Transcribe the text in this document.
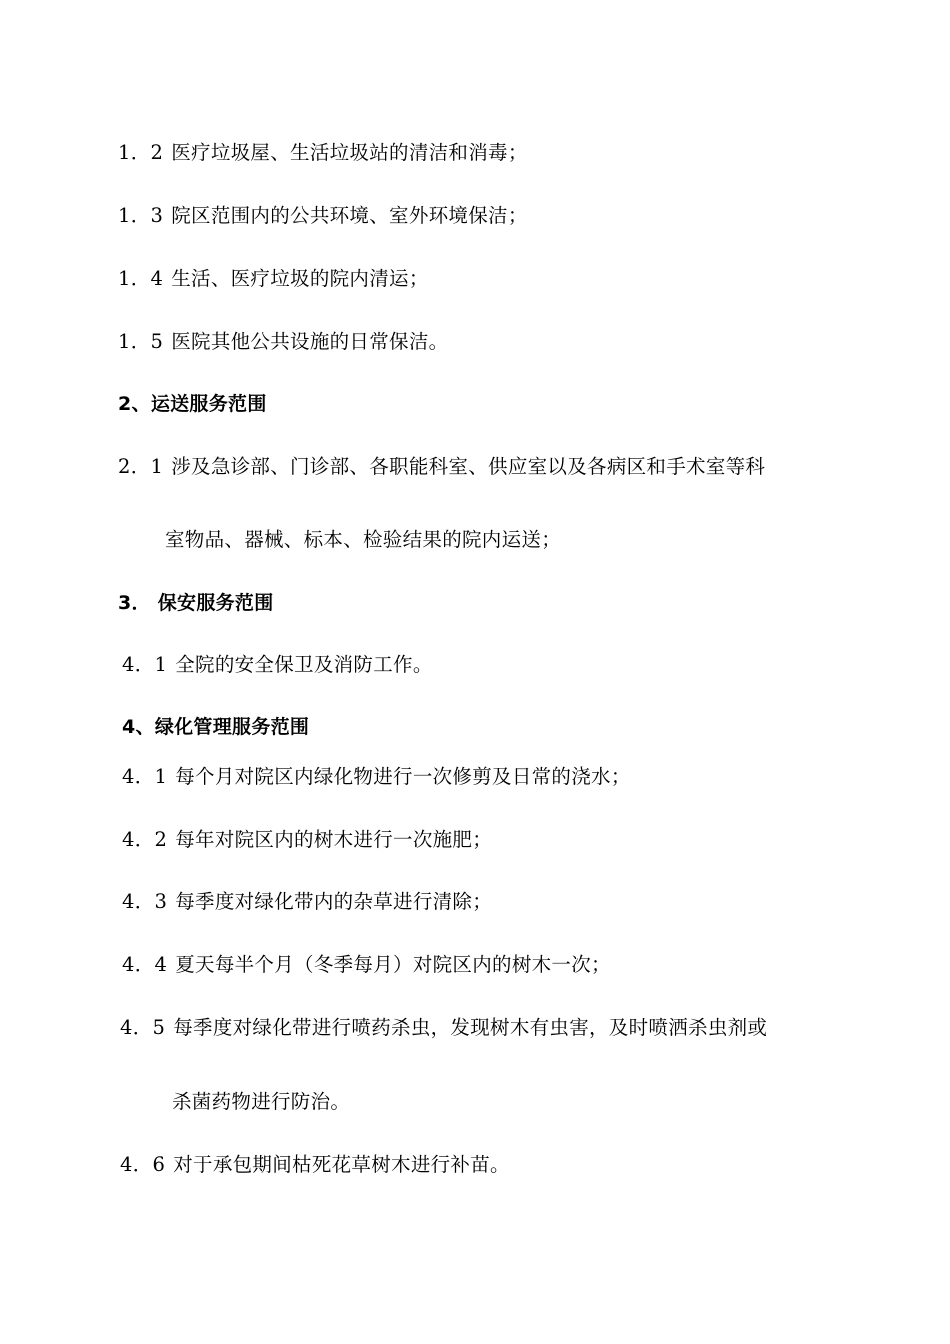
1．2 医疗垃圾屋、生活垃圾站的清洁和消毒；
1．3 院区范围内的公共环境、室外环境保洁；
1．4 生活、医疗垃圾的院内清运；
1．5 医院其他公共设施的日常保洁。
2、运送服务范围
2．1 涉及急诊部、门诊部、各职能科室、供应室以及各病区和手术室等科
室物品、器械、标本、检验结果的院内运送；
3． 保安服务范围
4．1 全院的安全保卫及消防工作。
4、绿化管理服务范围
4．1 每个月对院区内绿化物进行一次修剪及日常的浇水；
4．2 每年对院区内的树木进行一次施肥；
4．3 每季度对绿化带内的杂草进行清除；
4．4 夏天每半个月（冬季每月）对院区内的树木一次；
4．5 每季度对绿化带进行喷药杀虫，发现树木有虫害，及时喷洒杀虫剂或
杀菌药物进行防治。
4．6 对于承包期间枯死花草树木进行补苗。
